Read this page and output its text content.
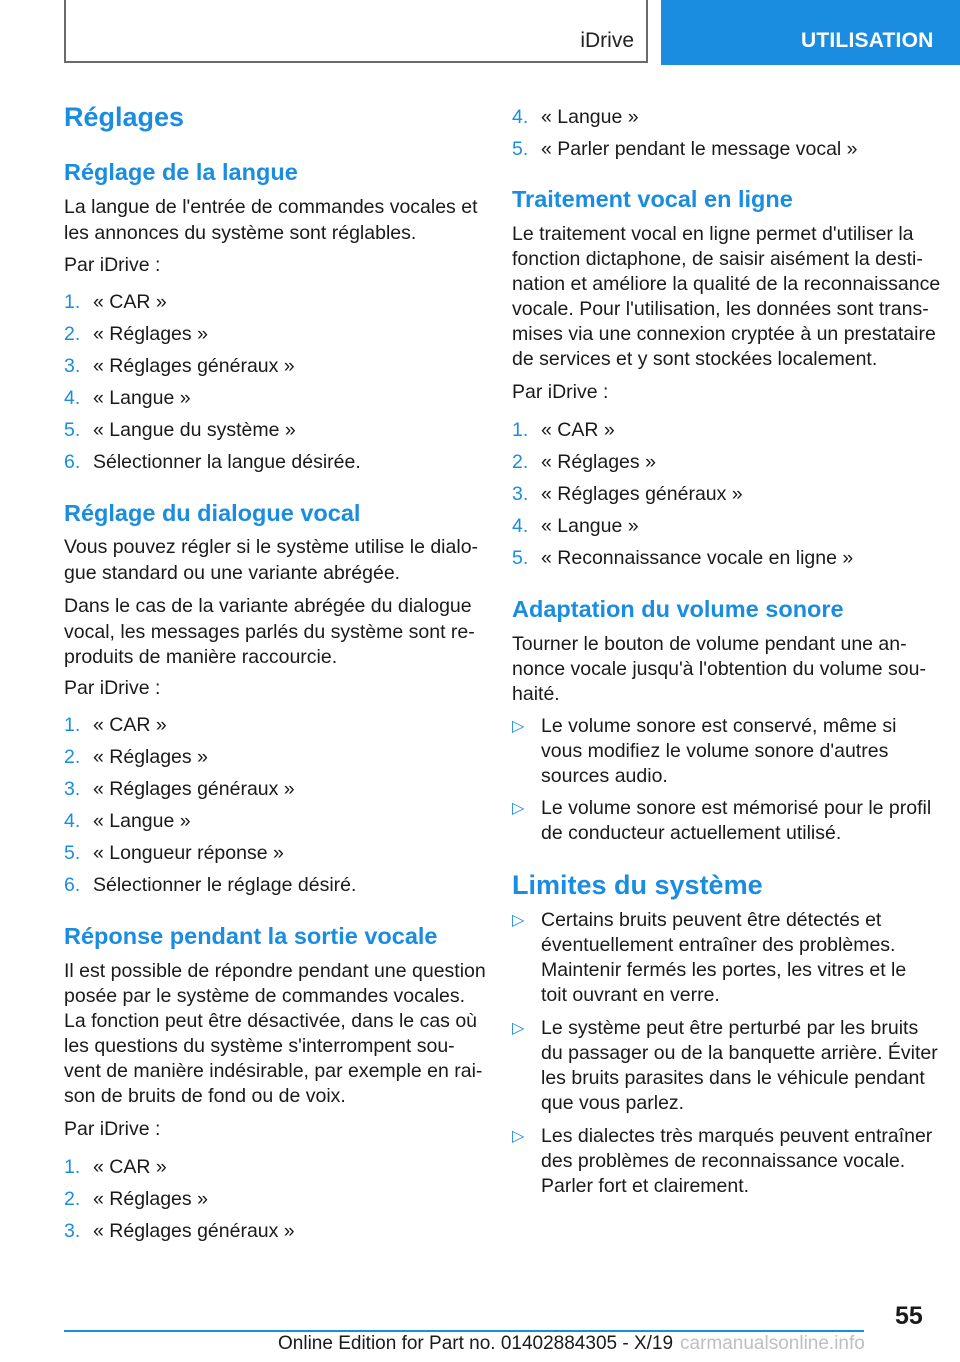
iDrive	UTILISATION
Réglages
Réglage de la langue
La langue de l'entrée de commandes vocales et
les annonces du système sont réglables.
Par iDrive :
1. « CAR »
2. « Réglages »
3. « Réglages généraux »
4. « Langue »
5. « Langue du système »
6. Sélectionner la langue désirée.
Réglage du dialogue vocal
Vous pouvez régler si le système utilise le dialo‐
gue standard ou une variante abrégée.
Dans le cas de la variante abrégée du dialogue
vocal, les messages parlés du système sont re‐
produits de manière raccourcie.
Par iDrive :
1. « CAR »
2. « Réglages »
3. « Réglages généraux »
4. « Langue »
5. « Longueur réponse »
6. Sélectionner le réglage désiré.
Réponse pendant la sortie vocale
Il est possible de répondre pendant une question
posée par le système de commandes vocales.
La fonction peut être désactivée, dans le cas où
les questions du système s'interrompent sou‐
vent de manière indésirable, par exemple en rai‐
son de bruits de fond ou de voix.
Par iDrive :
1. « CAR »
2. « Réglages »
3. « Réglages généraux »
4. « Langue »
5. « Parler pendant le message vocal »
Traitement vocal en ligne
Le traitement vocal en ligne permet d'utiliser la
fonction dictaphone, de saisir aisément la desti‐
nation et améliore la qualité de la reconnaissance
vocale. Pour l'utilisation, les données sont trans‐
mises via une connexion cryptée à un prestataire
de services et y sont stockées localement.
Par iDrive :
1. « CAR »
2. « Réglages »
3. « Réglages généraux »
4. « Langue »
5. « Reconnaissance vocale en ligne »
Adaptation du volume sonore
Tourner le bouton de volume pendant une an‐
nonce vocale jusqu'à l'obtention du volume sou‐
haité.
▷ Le volume sonore est conservé, même si
vous modifiez le volume sonore d'autres
sources audio.
▷ Le volume sonore est mémorisé pour le profil
de conducteur actuellement utilisé.
Limites du système
▷ Certains bruits peuvent être détectés et
éventuellement entraîner des problèmes.
Maintenir fermés les portes, les vitres et le
toit ouvrant en verre.
▷ Le système peut être perturbé par les bruits
du passager ou de la banquette arrière. Éviter
les bruits parasites dans le véhicule pendant
que vous parlez.
▷ Les dialectes très marqués peuvent entraîner
des problèmes de reconnaissance vocale.
Parler fort et clairement.
55
Online Edition for Part no. 01402884305 - X/19 carmanualsonline.info
